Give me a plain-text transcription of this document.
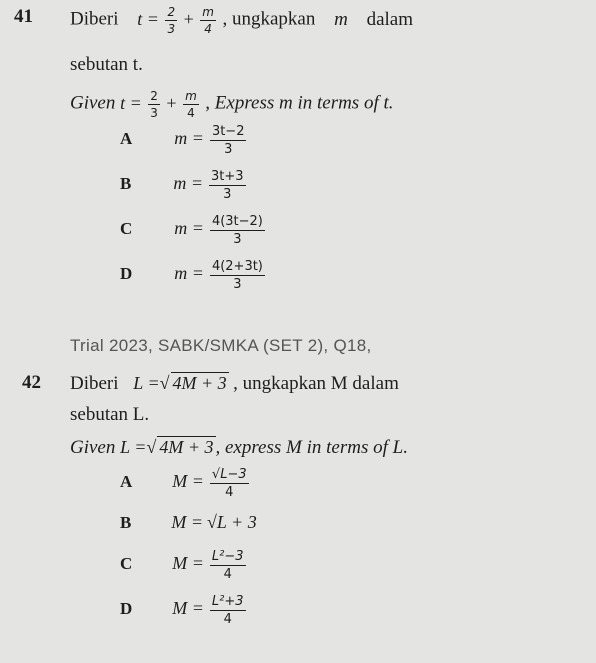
41 Diberi $t = \frac{2}{3} + \frac{m}{4}$ , ungkapkan m dalam
sebutan t.
Given $t = \frac{2}{3} + \frac{m}{4}$ , Express m in terms of t.
A $m = \frac{3t-2}{3}$
B $m = \frac{3t+3}{3}$
C $m = \frac{4(3t-2)}{3}$
D $m = \frac{4(2+3t)}{3}$
Trial 2023, SABK/SMKA (SET 2), Q18,
42 Diberi L =√ 4M + 3 , ungkapkan M dalam
sebutan L.
Given L =√ 4M + 3 , express M in terms of L.
A $M = \frac{√L-3}{4}$
B M = √L + 3
C $M = \frac{\text{L²−3}}{4}$
D $M = \frac{\text{L²+3}}{4}$
